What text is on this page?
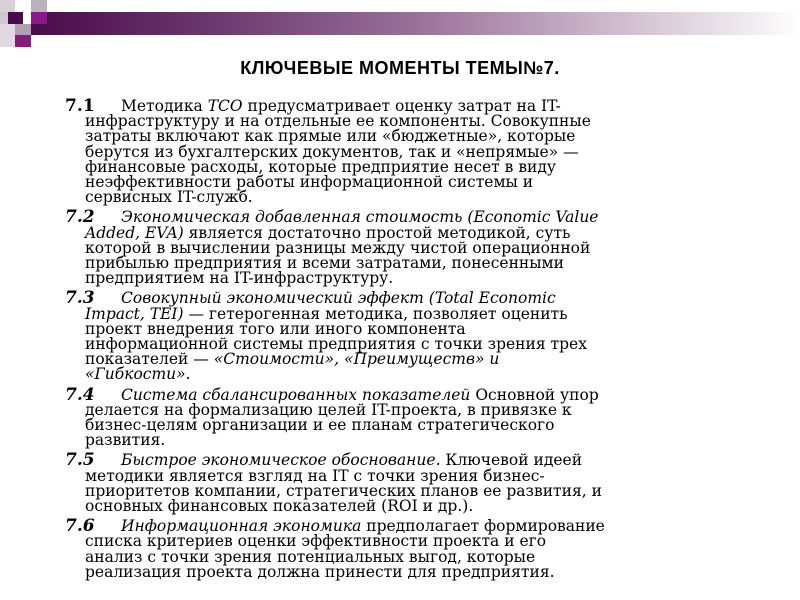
КЛЮЧЕВЫЕ МОМЕНТЫ ТЕМЫ№7.
7.1 Методика TCO предусматривает оценку затрат на IT-
инфраструктуру и на отдельные ее компоненты. Совокупные
затраты включают как прямые или «бюджетные», которые
берутся из бухгалтерских документов, так и «непрямые» —
финансовые расходы, которые предприятие несет в виду
неэффективности работы информационной системы и
сервисных IT-служб.
7.2 Экономическая добавленная стоимость (Economic Value
Added, EVA) является достаточно простой методикой, суть
которой в вычислении разницы между чистой операционной
прибылью предприятия и всеми затратами, понесенными
предприятием на IT-инфраструктуру.
7.3 Совокупный экономический эффект (Total Economic
Impact, TEI) — гетерогенная методика, позволяет оценить
проект внедрения того или иного компонента
информационной системы предприятия с точки зрения трех
показателей — «Стоимости», «Преимуществ» и
«Гибкости».
7.4 Система сбалансированных показателей Основной упор
делается на формализацию целей IT-проекта, в привязке к
бизнес-целям организации и ее планам стратегического
развития.
7.5 Быстрое экономическое обоснование. Ключевой идеей
методики является взгляд на IT с точки зрения бизнес-
приоритетов компании, стратегических планов ее развития, и
основных финансовых показателей (ROI и др.).
7.6 Информационная экономика предполагает формирование
списка критериев оценки эффективности проекта и его
анализ с точки зрения потенциальных выгод, которые
реализация проекта должна принести для предприятия.
